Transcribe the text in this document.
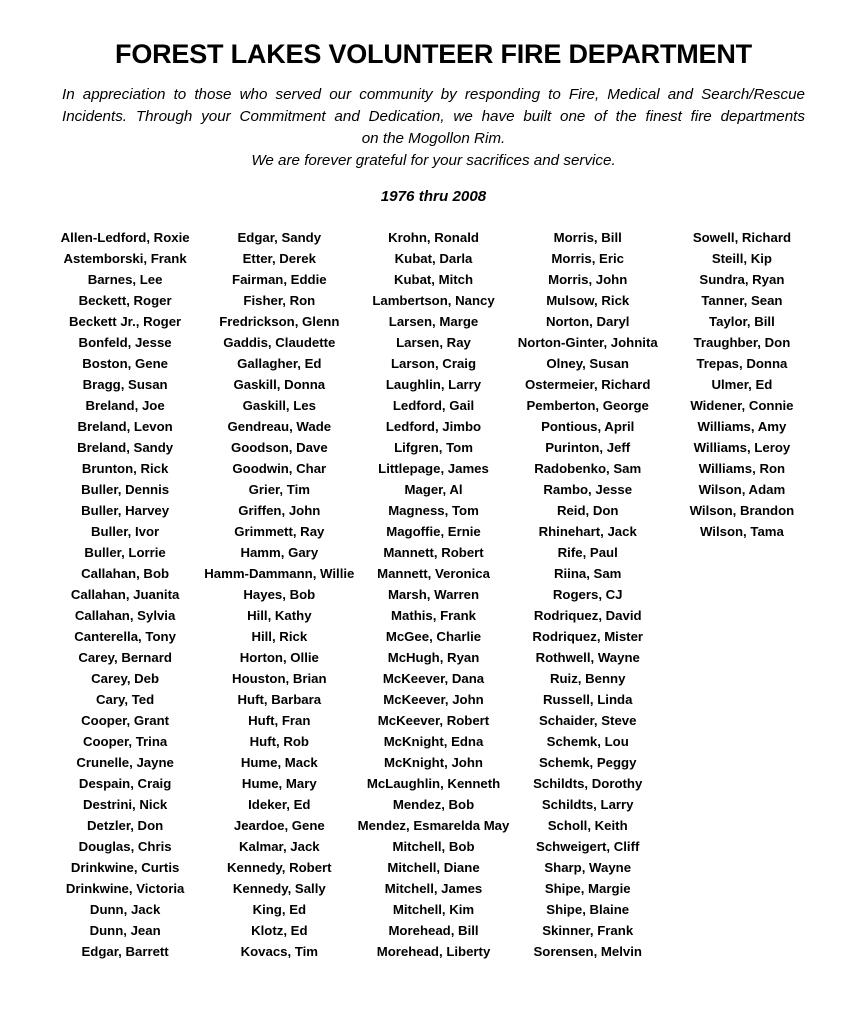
FOREST LAKES VOLUNTEER FIRE DEPARTMENT

In appreciation to those who served our community by responding to Fire, Medical and Search/Rescue
Incidents. Through your Commitment and Dedication, we have built one of the finest fire departments
on the Mogollon Rim.
We are forever grateful for your sacrifices and service.

1976 thru 2008

Allen-Ledford, Roxie
Astemborski, Frank
Barnes, Lee
Beckett, Roger
Beckett Jr., Roger
Bonfeld, Jesse
Boston, Gene
Bragg, Susan
Breland, Joe
Breland, Levon
Breland, Sandy
Brunton, Rick
Buller, Dennis
Buller, Harvey
Buller, Ivor
Buller, Lorrie
Callahan, Bob
Callahan, Juanita
Callahan, Sylvia
Canterella, Tony
Carey, Bernard
Carey, Deb
Cary, Ted
Cooper, Grant
Cooper, Trina
Crunelle, Jayne
Despain, Craig
Destrini, Nick
Detzler, Don
Douglas, Chris
Drinkwine, Curtis
Drinkwine, Victoria
Dunn, Jack
Dunn, Jean
Edgar, Barrett
Edgar, Sandy
Etter, Derek
Fairman, Eddie
Fisher, Ron
Fredrickson, Glenn
Gaddis, Claudette
Gallagher, Ed
Gaskill, Donna
Gaskill, Les
Gendreau, Wade
Goodson, Dave
Goodwin, Char
Grier, Tim
Griffen, John
Grimmett, Ray
Hamm, Gary
Hamm-Dammann, Willie
Hayes, Bob
Hill, Kathy
Hill, Rick
Horton, Ollie
Houston, Brian
Huft, Barbara
Huft, Fran
Huft, Rob
Hume, Mack
Hume, Mary
Ideker, Ed
Jeardoe, Gene
Kalmar, Jack
Kennedy, Robert
Kennedy, Sally
King, Ed
Klotz, Ed
Kovacs, Tim
Krohn, Ronald
Kubat, Darla
Kubat, Mitch
Lambertson, Nancy
Larsen, Marge
Larsen, Ray
Larson, Craig
Laughlin, Larry
Ledford, Gail
Ledford, Jimbo
Lifgren, Tom
Littlepage, James
Mager, Al
Magness, Tom
Magoffie, Ernie
Mannett, Robert
Mannett, Veronica
Marsh, Warren
Mathis, Frank
McGee, Charlie
McHugh, Ryan
McKeever, Dana
McKeever, John
McKeever, Robert
McKnight, Edna
McKnight, John
McLaughlin, Kenneth
Mendez, Bob
Mendez, Esmarelda May
Mitchell, Bob
Mitchell, Diane
Mitchell, James
Mitchell, Kim
Morehead, Bill
Morehead, Liberty
Morris, Bill
Morris, Eric
Morris, John
Mulsow, Rick
Norton, Daryl
Norton-Ginter, Johnita
Olney, Susan
Ostermeier, Richard
Pemberton, George
Pontious, April
Purinton, Jeff
Radobenko, Sam
Rambo, Jesse
Reid, Don
Rhinehart, Jack
Rife, Paul
Riina, Sam
Rogers, CJ
Rodriquez, David
Rodriquez, Mister
Rothwell, Wayne
Ruiz, Benny
Russell, Linda
Schaider, Steve
Schemk, Lou
Schemk, Peggy
Schildts, Dorothy
Schildts, Larry
Scholl, Keith
Schweigert, Cliff
Sharp, Wayne
Shipe, Margie
Shipe, Blaine
Skinner, Frank
Sorensen, Melvin
Sowell, Richard
Steill, Kip
Sundra, Ryan
Tanner, Sean
Taylor, Bill
Traughber, Don
Trepas, Donna
Ulmer, Ed
Widener, Connie
Williams, Amy
Williams, Leroy
Williams, Ron
Wilson, Adam
Wilson, Brandon
Wilson, Tama
